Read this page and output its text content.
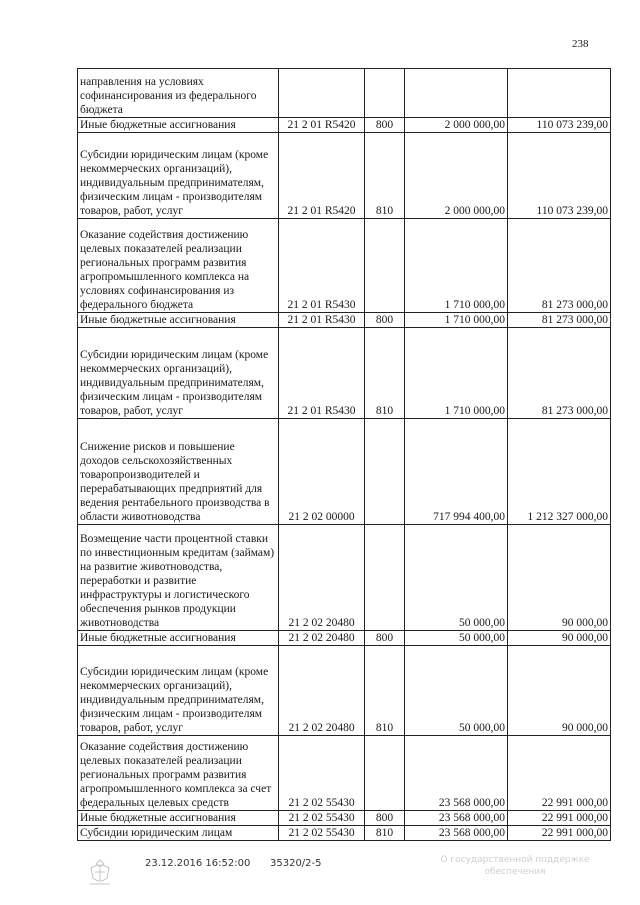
238
направления на условиях софинансирования из федерального бюджета				
Иные бюджетные ассигнования	21 2 01 R5420	800	2 000 000,00	110 073 239,00
Субсидии юридическим лицам (кроме некоммерческих организаций), индивидуальным предпринимателям, физическим лицам - производителям товаров, работ, услуг	21 2 01 R5420	810	2 000 000,00	110 073 239,00
Оказание содействия достижению целевых показателей реализации региональных программ развития агропромышленного комплекса на условиях софинансирования из федерального бюджета	21 2 01 R5430		1 710 000,00	81 273 000,00
Иные бюджетные ассигнования	21 2 01 R5430	800	1 710 000,00	81 273 000,00
Субсидии юридическим лицам (кроме некоммерческих организаций), индивидуальным предпринимателям, физическим лицам - производителям товаров, работ, услуг	21 2 01 R5430	810	1 710 000,00	81 273 000,00
Снижение рисков и повышение доходов сельскохозяйственных товаропроизводителей и перерабатывающих предприятий для ведения рентабельного производства в области животноводства	21 2 02 00000		717 994 400,00	1 212 327 000,00
Возмещение части процентной ставки по инвестиционным кредитам (займам) на развитие животноводства, переработки и развитие инфраструктуры и логистического обеспечения рынков продукции животноводства	21 2 02 20480		50 000,00	90 000,00
Иные бюджетные ассигнования	21 2 02 20480	800	50 000,00	90 000,00
Субсидии юридическим лицам (кроме некоммерческих организаций), индивидуальным предпринимателям, физическим лицам - производителям товаров, работ, услуг	21 2 02 20480	810	50 000,00	90 000,00
Оказание содействия достижению целевых показателей реализации региональных программ развития агропромышленного комплекса за счет федеральных целевых средств	21 2 02 55430		23 568 000,00	22 991 000,00
Иные бюджетные ассигнования	21 2 02 55430	800	23 568 000,00	22 991 000,00
Субсидии юридическим лицам	21 2 02 55430	810	23 568 000,00	22 991 000,00
23.12.2016 16:52:00 35320/2-5	О государственной поддержке обеспечения
